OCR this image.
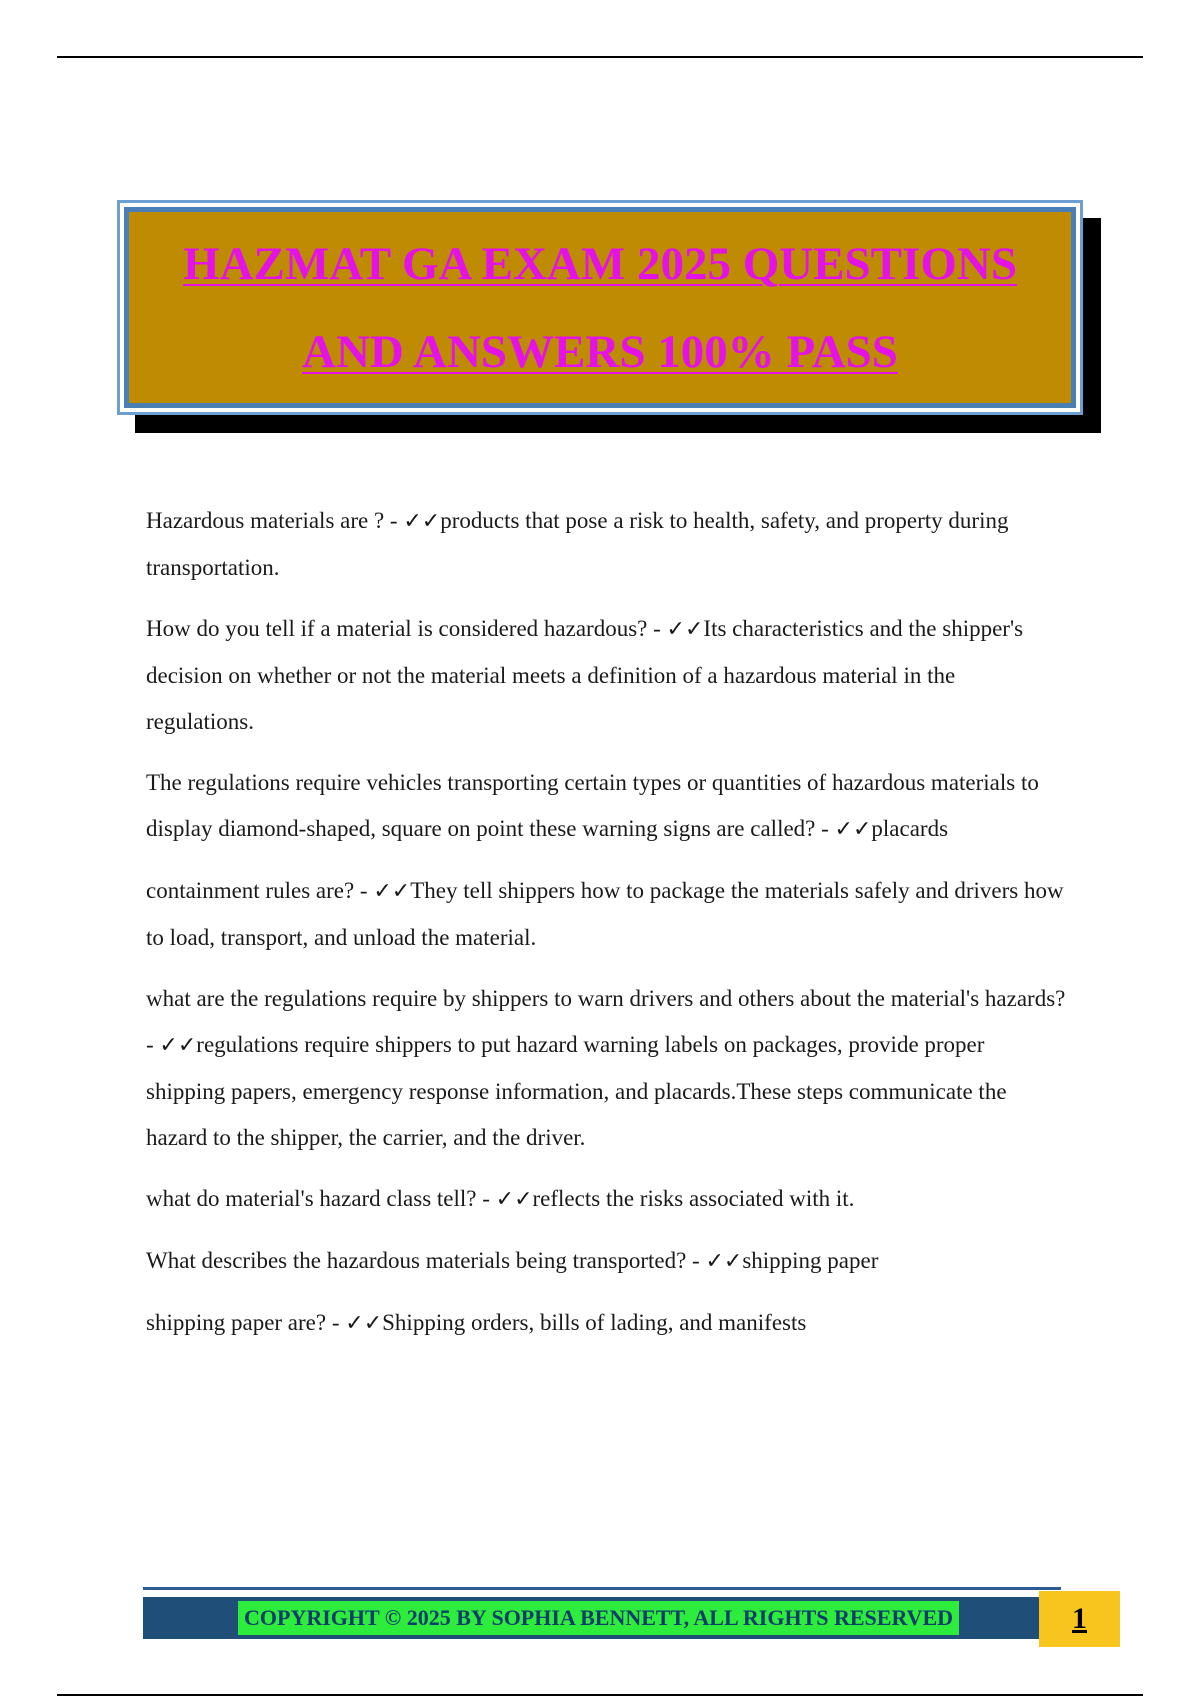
HAZMAT GA EXAM 2025 QUESTIONS
AND ANSWERS 100% PASS

Hazardous materials are ? - ✓✓products that pose a risk to health, safety, and property during transportation.

How do you tell if a material is considered hazardous? - ✓✓Its characteristics and the shipper's decision on whether or not the material meets a definition of a hazardous material in the regulations.

The regulations require vehicles transporting certain types or quantities of hazardous materials to display diamond-shaped, square on point these warning signs are called? - ✓✓placards

containment rules are? - ✓✓They tell shippers how to package the materials safely and drivers how to load, transport, and unload the material.

what are the regulations require by shippers to warn drivers and others about the material's hazards? - ✓✓regulations require shippers to put hazard warning labels on packages, provide proper shipping papers, emergency response information, and placards.These steps communicate the hazard to the shipper, the carrier, and the driver.

what do material's hazard class tell? - ✓✓reflects the risks associated with it.

What describes the hazardous materials being transported? - ✓✓shipping paper

shipping paper are? - ✓✓Shipping orders, bills of lading, and manifests

COPYRIGHT © 2025 BY SOPHIA BENNETT, ALL RIGHTS RESERVED	1
